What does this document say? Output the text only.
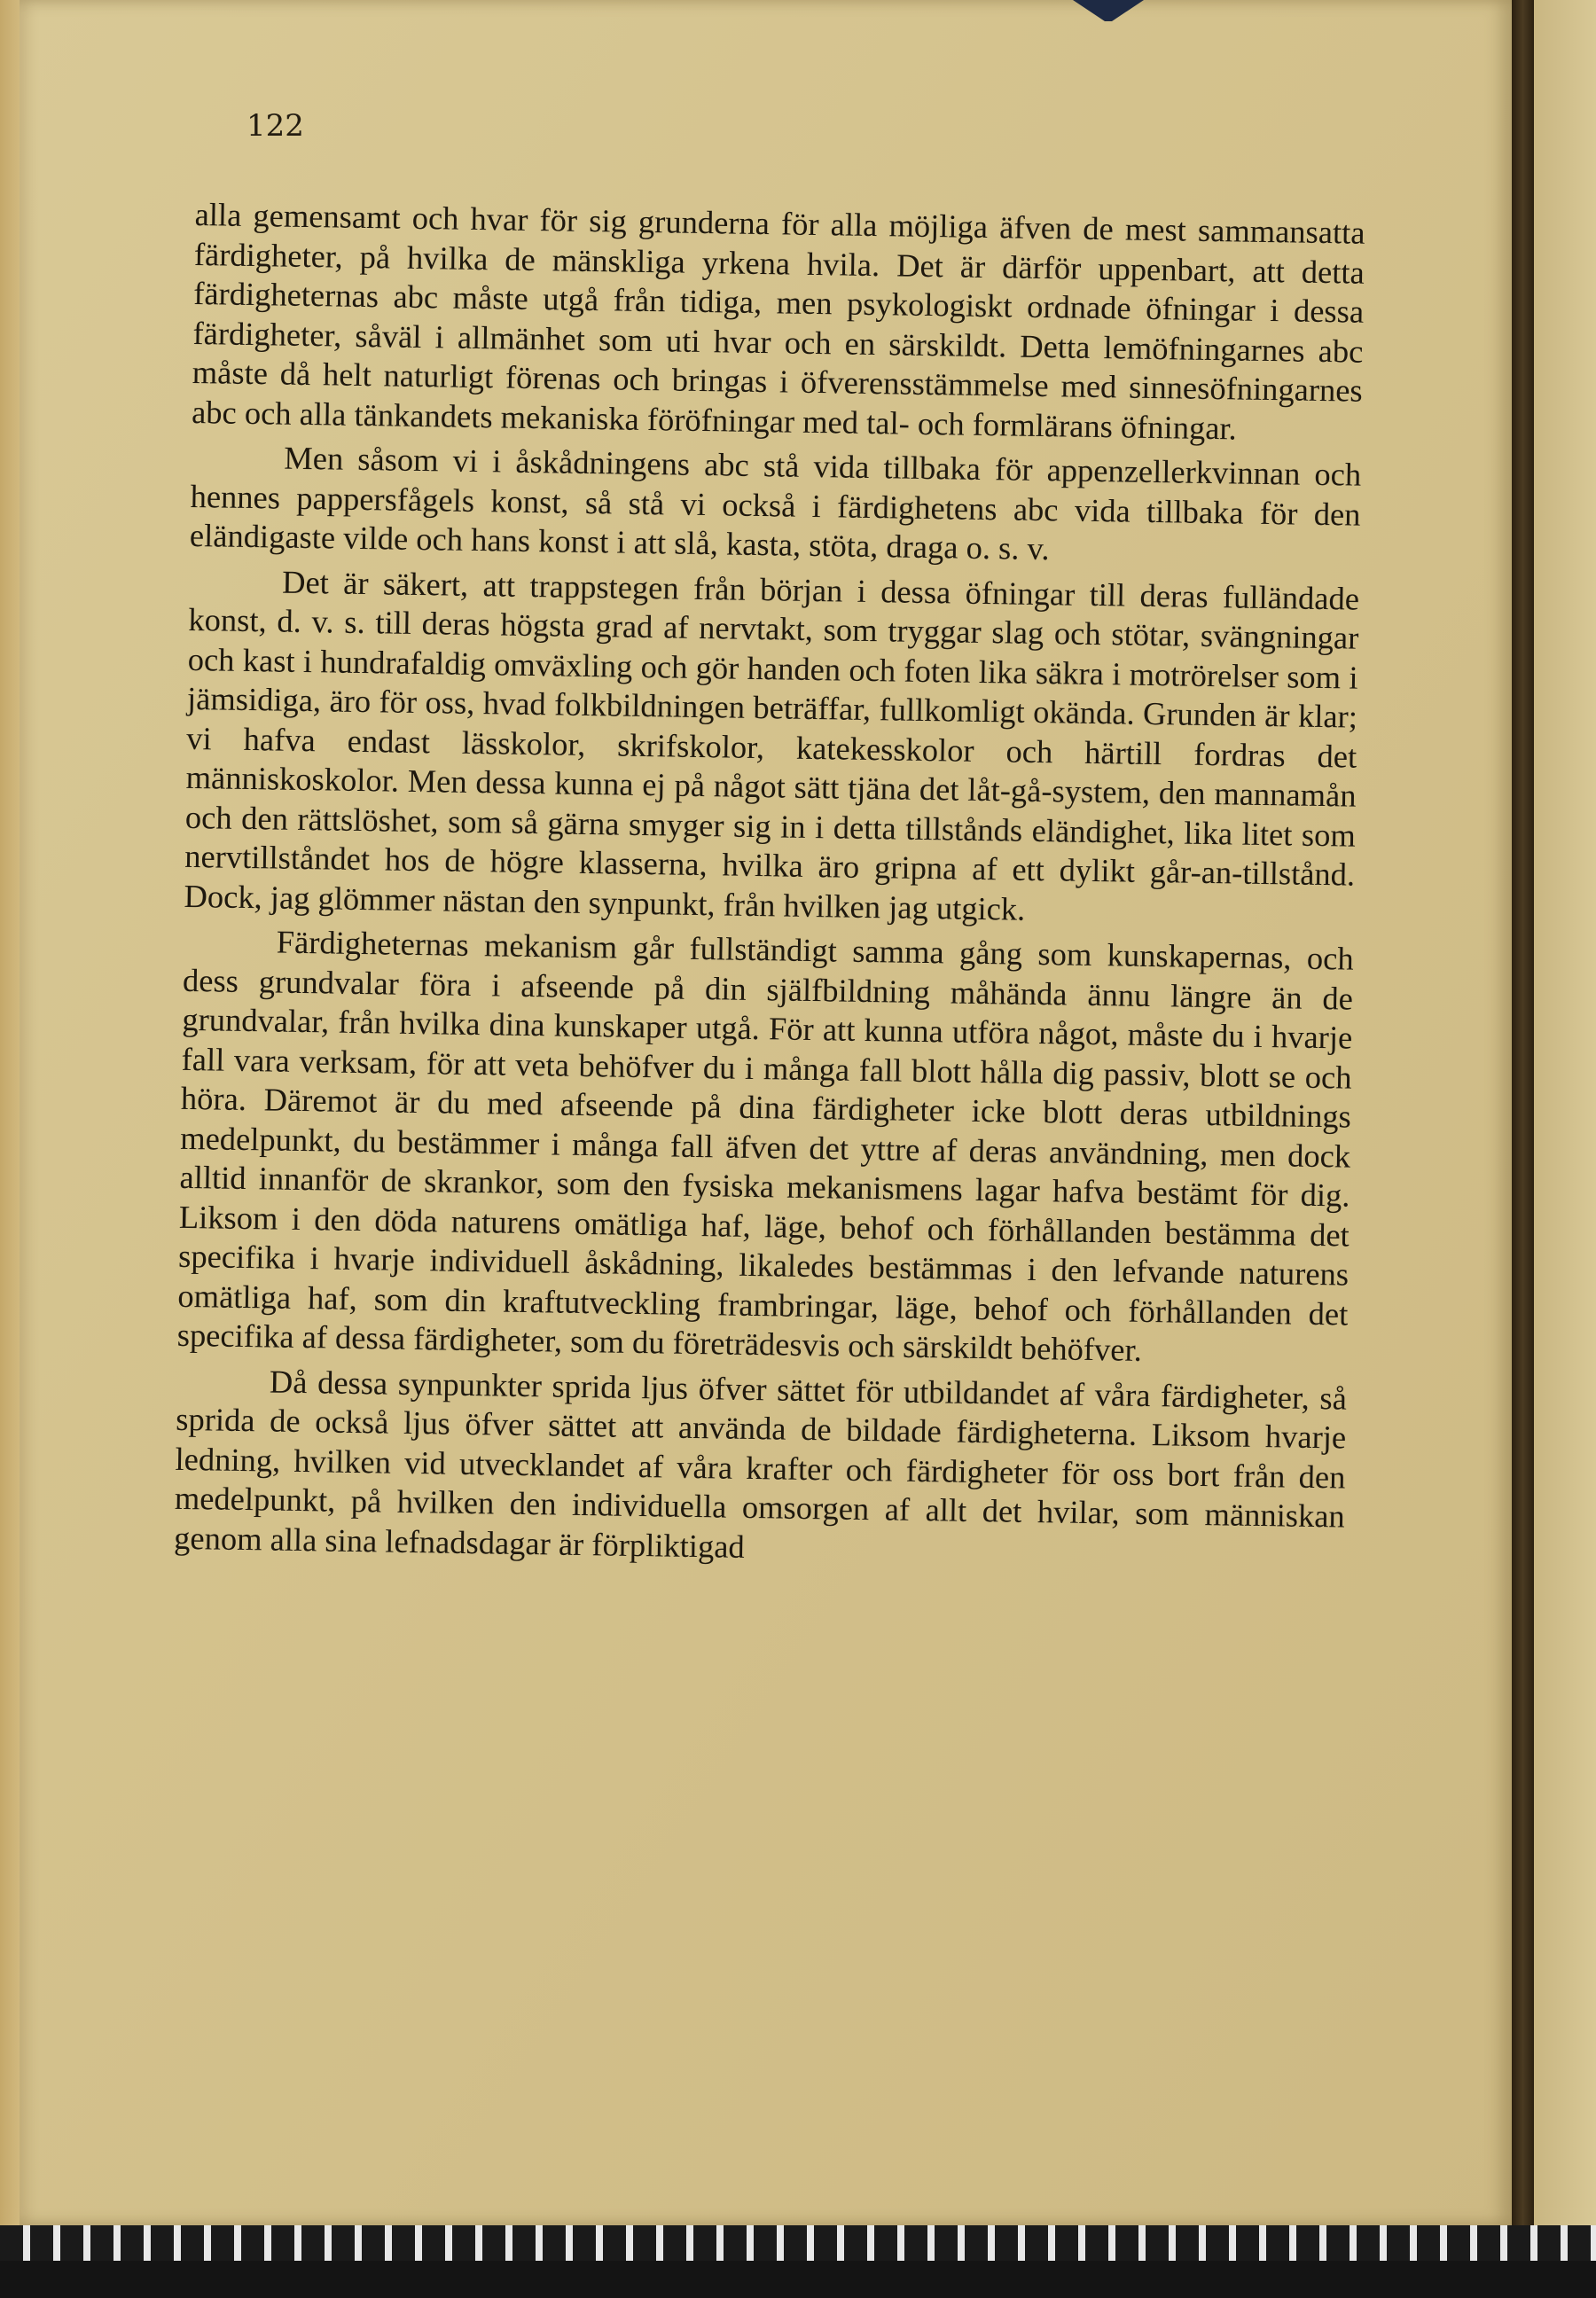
122

alla gemensamt och hvar för sig grunderna för alla möjliga äfven de mest sammansatta färdigheter, på hvilka de mänskliga yrkena hvila. Det är därför uppenbart, att detta färdigheternas abc måste utgå från tidiga, men psykologiskt ordnade öfningar i dessa färdigheter, såväl i allmänhet som uti hvar och en särskildt. Detta lemöfningarnes abc måste då helt naturligt förenas och bringas i öfverensstämmelse med sinnesöfningarnes abc och alla tänkandets mekaniska föröfningar med tal- och formlärans öfningar.

Men såsom vi i åskådningens abc stå vida tillbaka för appenzellerkvinnan och hennes pappersfågels konst, så stå vi också i färdighetens abc vida tillbaka för den eländigaste vilde och hans konst i att slå, kasta, stöta, draga o. s. v.

Det är säkert, att trappstegen från början i dessa öfningar till deras fulländade konst, d. v. s. till deras högsta grad af nervtakt, som tryggar slag och stötar, svängningar och kast i hundrafaldig omväxling och gör handen och foten lika säkra i motrörelser som i jämsidiga, äro för oss, hvad folkbildningen beträffar, fullkomligt okända. Grunden är klar; vi hafva endast lässkolor, skrifskolor, katekesskolor och härtill fordras det människoskolor. Men dessa kunna ej på något sätt tjäna det låt-gå-system, den mannamån och den rättslöshet, som så gärna smyger sig in i detta tillstånds eländighet, lika litet som nervtillståndet hos de högre klasserna, hvilka äro gripna af ett dylikt går-an-tillstånd. Dock, jag glömmer nästan den synpunkt, från hvilken jag utgick.

Färdigheternas mekanism går fullständigt samma gång som kunskapernas, och dess grundvalar föra i afseende på din själfbildning måhända ännu längre än de grundvalar, från hvilka dina kunskaper utgå. För att kunna utföra något, måste du i hvarje fall vara verksam, för att veta behöfver du i många fall blott hålla dig passiv, blott se och höra. Däremot är du med afseende på dina färdigheter icke blott deras utbildnings medelpunkt, du bestämmer i många fall äfven det yttre af deras användning, men dock alltid innanför de skrankor, som den fysiska mekanismens lagar hafva bestämt för dig. Liksom i den döda naturens omätliga haf, läge, behof och förhållanden bestämma det specifika i hvarje individuell åskådning, likaledes bestämmas i den lefvande naturens omätliga haf, som din kraftutveckling frambringar, läge, behof och förhållanden det specifika af dessa färdigheter, som du företrädesvis och särskildt behöfver.

Då dessa synpunkter sprida ljus öfver sättet för utbildandet af våra färdigheter, så sprida de också ljus öfver sättet att använda de bildade färdigheterna. Liksom hvarje ledning, hvilken vid utvecklandet af våra krafter och färdigheter för oss bort från den medelpunkt, på hvilken den individuella omsorgen af allt det hvilar, som människan genom alla sina lefnadsdagar är förpliktigad
